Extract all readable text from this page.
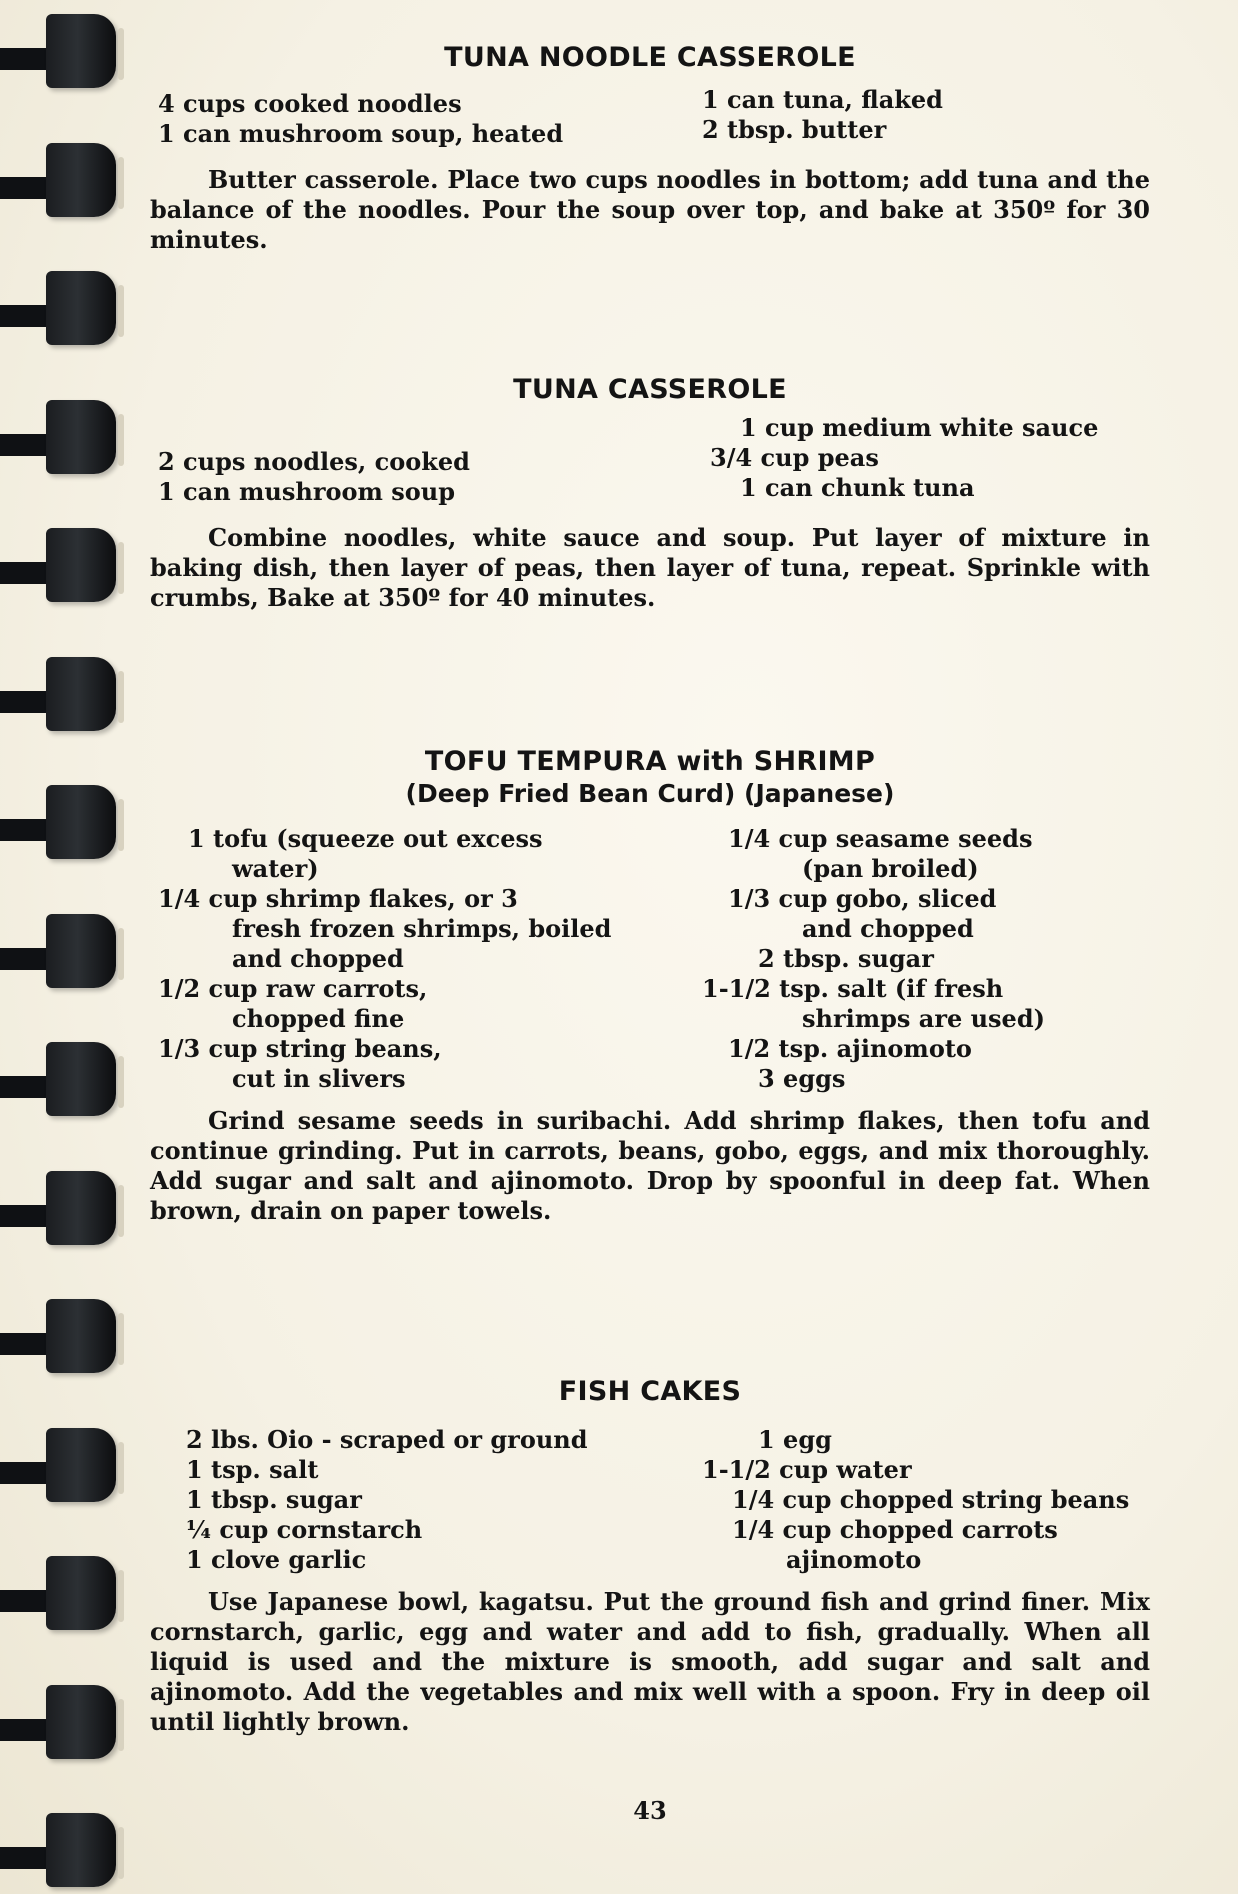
TUNA NOODLE CASSEROLE

4 cups cooked noodles
1 can mushroom soup, heated
1 can tuna, flaked
2 tbsp. butter

Butter casserole. Place two cups noodles in bottom; add tuna and the balance of the noodles. Pour the soup over top, and bake at 350º for 30 minutes.

TUNA CASSEROLE

2 cups noodles, cooked
1 can mushroom soup
1 cup medium white sauce
3/4 cup peas
1 can chunk tuna

Combine noodles, white sauce and soup. Put layer of mixture in baking dish, then layer of peas, then layer of tuna, repeat. Sprinkle with crumbs, Bake at 350º for 40 minutes.

TOFU TEMPURA with SHRIMP

(Deep Fried Bean Curd) (Japanese)

1 tofu (squeeze out excess
water)
1/4 cup shrimp flakes, or 3
fresh frozen shrimps, boiled
and chopped
1/2 cup raw carrots,
chopped fine
1/3 cup string beans,
cut in slivers
1/4 cup seasame seeds
(pan broiled)
1/3 cup gobo, sliced
and chopped
2 tbsp. sugar
1-1/2 tsp. salt (if fresh
shrimps are used)
1/2 tsp. ajinomoto
3 eggs

Grind sesame seeds in suribachi. Add shrimp flakes, then tofu and continue grinding. Put in carrots, beans, gobo, eggs, and mix thoroughly. Add sugar and salt and ajinomoto. Drop by spoonful in deep fat. When brown, drain on paper towels.

FISH CAKES

2 lbs. Oio - scraped or ground
1 tsp. salt
1 tbsp. sugar
¼ cup cornstarch
1 clove garlic
1 egg
1-1/2 cup water
1/4 cup chopped string beans
1/4 cup chopped carrots
ajinomoto

Use Japanese bowl, kagatsu. Put the ground fish and grind finer. Mix cornstarch, garlic, egg and water and add to fish, gradually. When all liquid is used and the mixture is smooth, add sugar and salt and ajinomoto. Add the vegetables and mix well with a spoon. Fry in deep oil until lightly brown.

43
